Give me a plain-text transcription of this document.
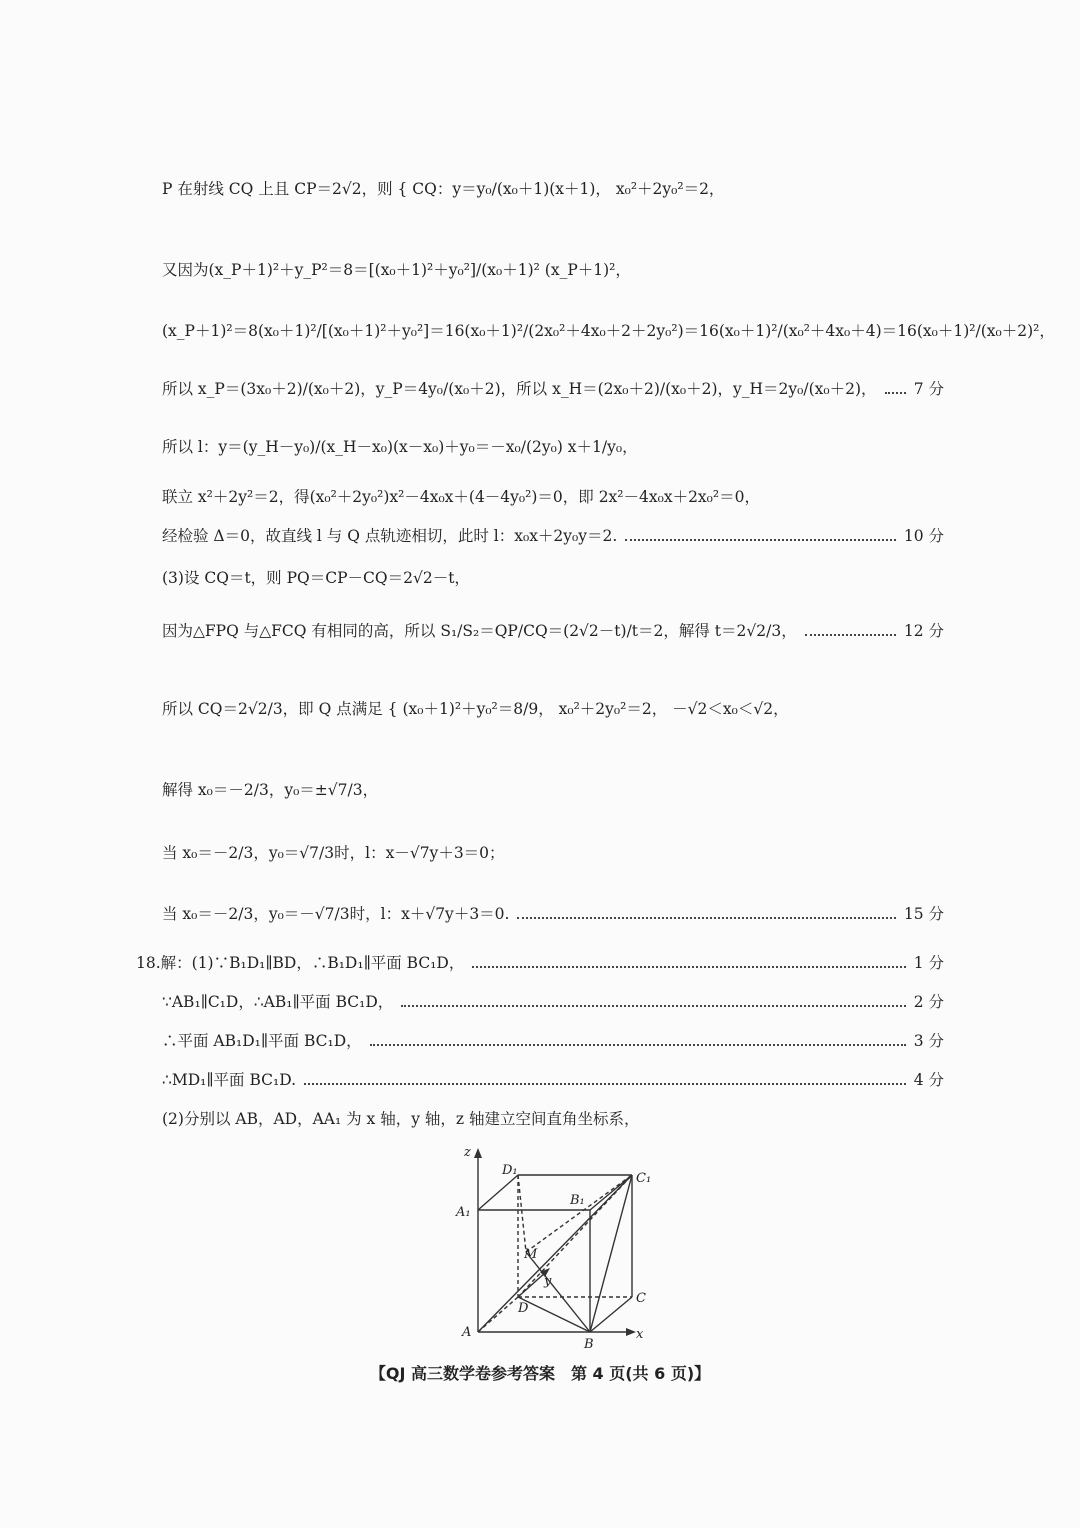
P 在射线 CQ 上且 CP＝2√2，则 { CQ：y＝y₀/(x₀＋1)(x＋1)， x₀²＋2y₀²＝2，
又因为(x_P＋1)²＋y_P²＝8＝[(x₀＋1)²＋y₀²]/(x₀＋1)² (x_P＋1)²，
(x_P＋1)²＝8(x₀＋1)²/[(x₀＋1)²＋y₀²]＝16(x₀＋1)²/(2x₀²＋4x₀＋2＋2y₀²)＝16(x₀＋1)²/(x₀²＋4x₀＋4)＝16(x₀＋1)²/(x₀＋2)²，
所以 x_P＝(3x₀＋2)/(x₀＋2)，y_P＝4y₀/(x₀＋2)，所以 x_H＝(2x₀＋2)/(x₀＋2)，y_H＝2y₀/(x₀＋2)， 7 分
所以 l：y＝(y_H－y₀)/(x_H－x₀)(x－x₀)＋y₀＝－x₀/(2y₀) x＋1/y₀，
联立 x²＋2y²＝2，得(x₀²＋2y₀²)x²－4x₀x＋(4－4y₀²)＝0，即 2x²－4x₀x＋2x₀²＝0，
经检验 Δ＝0，故直线 l 与 Q 点轨迹相切，此时 l：x₀x＋2y₀y＝2.	10 分
(3)设 CQ＝t，则 PQ＝CP－CQ＝2√2－t，
因为△FPQ 与△FCQ 有相同的高，所以 S₁/S₂＝QP/CQ＝(2√2－t)/t＝2，解得 t＝2√2/3，	12 分
所以 CQ＝2√2/3，即 Q 点满足 { (x₀＋1)²＋y₀²＝8/9， x₀²＋2y₀²＝2， －√2＜x₀＜√2，
解得 x₀＝－2/3，y₀＝±√7/3，
当 x₀＝－2/3，y₀＝√7/3时，l：x－√7y＋3＝0；
当 x₀＝－2/3，y₀＝－√7/3时，l：x＋√7y＋3＝0.	15 分
18.解：(1)∵B₁D₁∥BD，∴B₁D₁∥平面 BC₁D，	1 分
∵AB₁∥C₁D，∴AB₁∥平面 BC₁D，	2 分
∴平面 AB₁D₁∥平面 BC₁D，	3 分
∴MD₁∥平面 BC₁D.	4 分
(2)分别以 AB，AD，AA₁ 为 x 轴，y 轴，z 轴建立空间直角坐标系，
z
x
y
A
B
C
D
A₁
B₁
C₁
D₁
M
【QJ 高三数学卷参考答案　第 4 页(共 6 页)】
